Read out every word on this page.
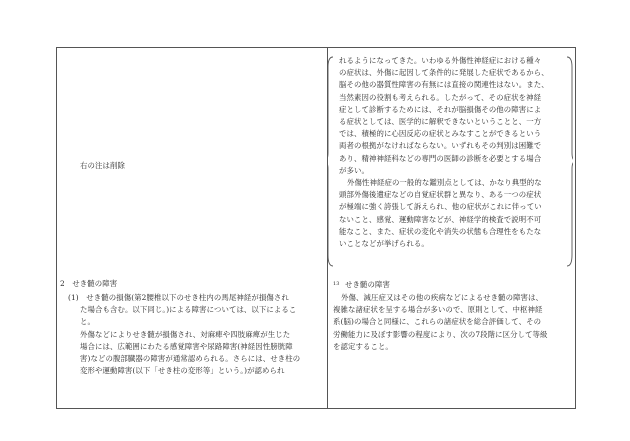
右の注は削除
2　せき髄の障害
(1)　せき髄の損傷(第2腰椎以下のせき柱内の馬尾神経が損傷され
た場合も含む。以下同じ。)による障害については、以下によるこ
と。
外傷などによりせき髄が損傷され、対麻痺や四肢麻痺が生じた
場合には、広範囲にわたる感覚障害や尿路障害(神経因性膀胱障
害)などの腹部臓器の障害が通常認められる。さらには、せき柱の
変形や運動障害(以下「せき柱の変形等」という。)が認められ
れるようになってきた。いわゆる外傷性神経症における種々
の症状は、外傷に起因して条件的に発展した症状であるから、
脳その他の器質性障害の有無には直接の関連性はない。また、
当然素因の役割も考えられる。したがって、その症状を神経
症として診断するためには、それが脳損傷その他の障害によ
る症状としては、医学的に解釈できないということと、一方
では、積極的に心因反応の症状とみなすことができるという
両者の根拠がなければならない。いずれもその判別は困難で
あり、精神神経科などの専門の医師の診断を必要とする場合
が多い。
外傷性神経症の一般的な鑑別点としては、かなり典型的な
頭部外傷後遺症などの自覚症状群と異なり、ある一つの症状
が極端に強く誇張して訴えられ、他の症状がこれに伴ってい
ないこと、感覚、運動障害などが、神経学的検査で説明不可
能なこと、また、症状の変化や消失の状態も合理性をもたな
いことなどが挙げられる。
13 せき髄の障害
外傷、減圧症又はその他の疾病などによるせき髄の障害は、
複雑な諸症状を呈する場合が多いので、原則として、中枢神経
系(脳)の場合と同様に、これらの諸症状を総合評価して、その
労働能力に及ぼす影響の程度により、次の7段階に区分して等級
を認定すること。
